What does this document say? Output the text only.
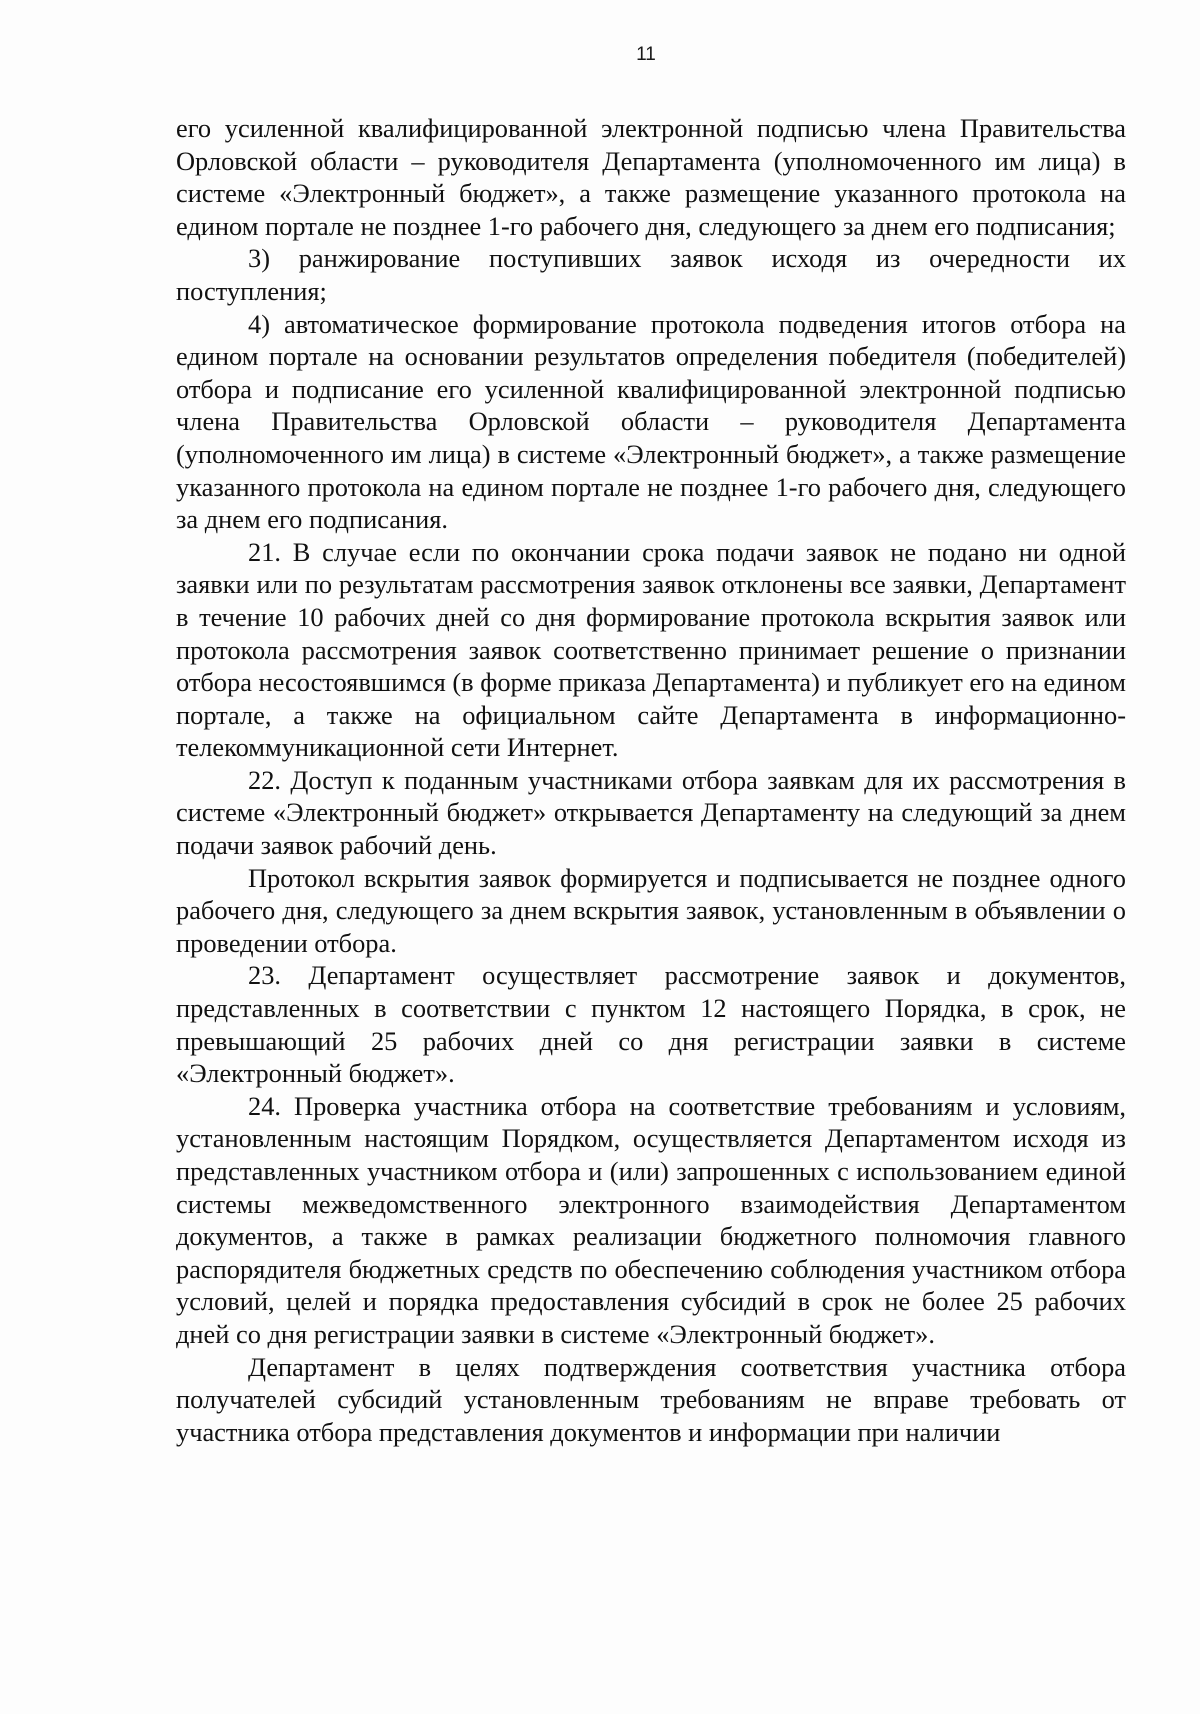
11

его усиленной квалифицированной электронной подписью члена Правительства Орловской области – руководителя Департамента (уполномоченного им лица) в системе «Электронный бюджет», а также размещение указанного протокола на едином портале не позднее 1-го рабочего дня, следующего за днем его подписания;

3) ранжирование поступивших заявок исходя из очередности их поступления;

4) автоматическое формирование протокола подведения итогов отбора на едином портале на основании результатов определения победителя (победителей) отбора и подписание его усиленной квалифицированной электронной подписью члена Правительства Орловской области – руководителя Департамента (уполномоченного им лица) в системе «Электронный бюджет», а также размещение указанного протокола на едином портале не позднее 1-го рабочего дня, следующего за днем его подписания.

21. В случае если по окончании срока подачи заявок не подано ни одной заявки или по результатам рассмотрения заявок отклонены все заявки, Департамент в течение 10 рабочих дней со дня формирование протокола вскрытия заявок или протокола рассмотрения заявок соответственно принимает решение о признании отбора несостоявшимся (в форме приказа Департамента) и публикует его на едином портале, а также на официальном сайте Департамента в информационно-телекоммуникационной сети Интернет.

22. Доступ к поданным участниками отбора заявкам для их рассмотрения в системе «Электронный бюджет» открывается Департаменту на следующий за днем подачи заявок рабочий день.

Протокол вскрытия заявок формируется и подписывается не позднее одного рабочего дня, следующего за днем вскрытия заявок, установленным в объявлении о проведении отбора.

23. Департамент осуществляет рассмотрение заявок и документов, представленных в соответствии с пунктом 12 настоящего Порядка, в срок, не превышающий 25 рабочих дней со дня регистрации заявки в системе «Электронный бюджет».

24. Проверка участника отбора на соответствие требованиям и условиям, установленным настоящим Порядком, осуществляется Департаментом исходя из представленных участником отбора и (или) запрошенных с использованием единой системы межведомственного электронного взаимодействия Департаментом документов, а также в рамках реализации бюджетного полномочия главного распорядителя бюджетных средств по обеспечению соблюдения участником отбора условий, целей и порядка предоставления субсидий в срок не более 25 рабочих дней со дня регистрации заявки в системе «Электронный бюджет».

Департамент в целях подтверждения соответствия участника отбора получателей субсидий установленным требованиям не вправе требовать от участника отбора представления документов и информации при наличии
